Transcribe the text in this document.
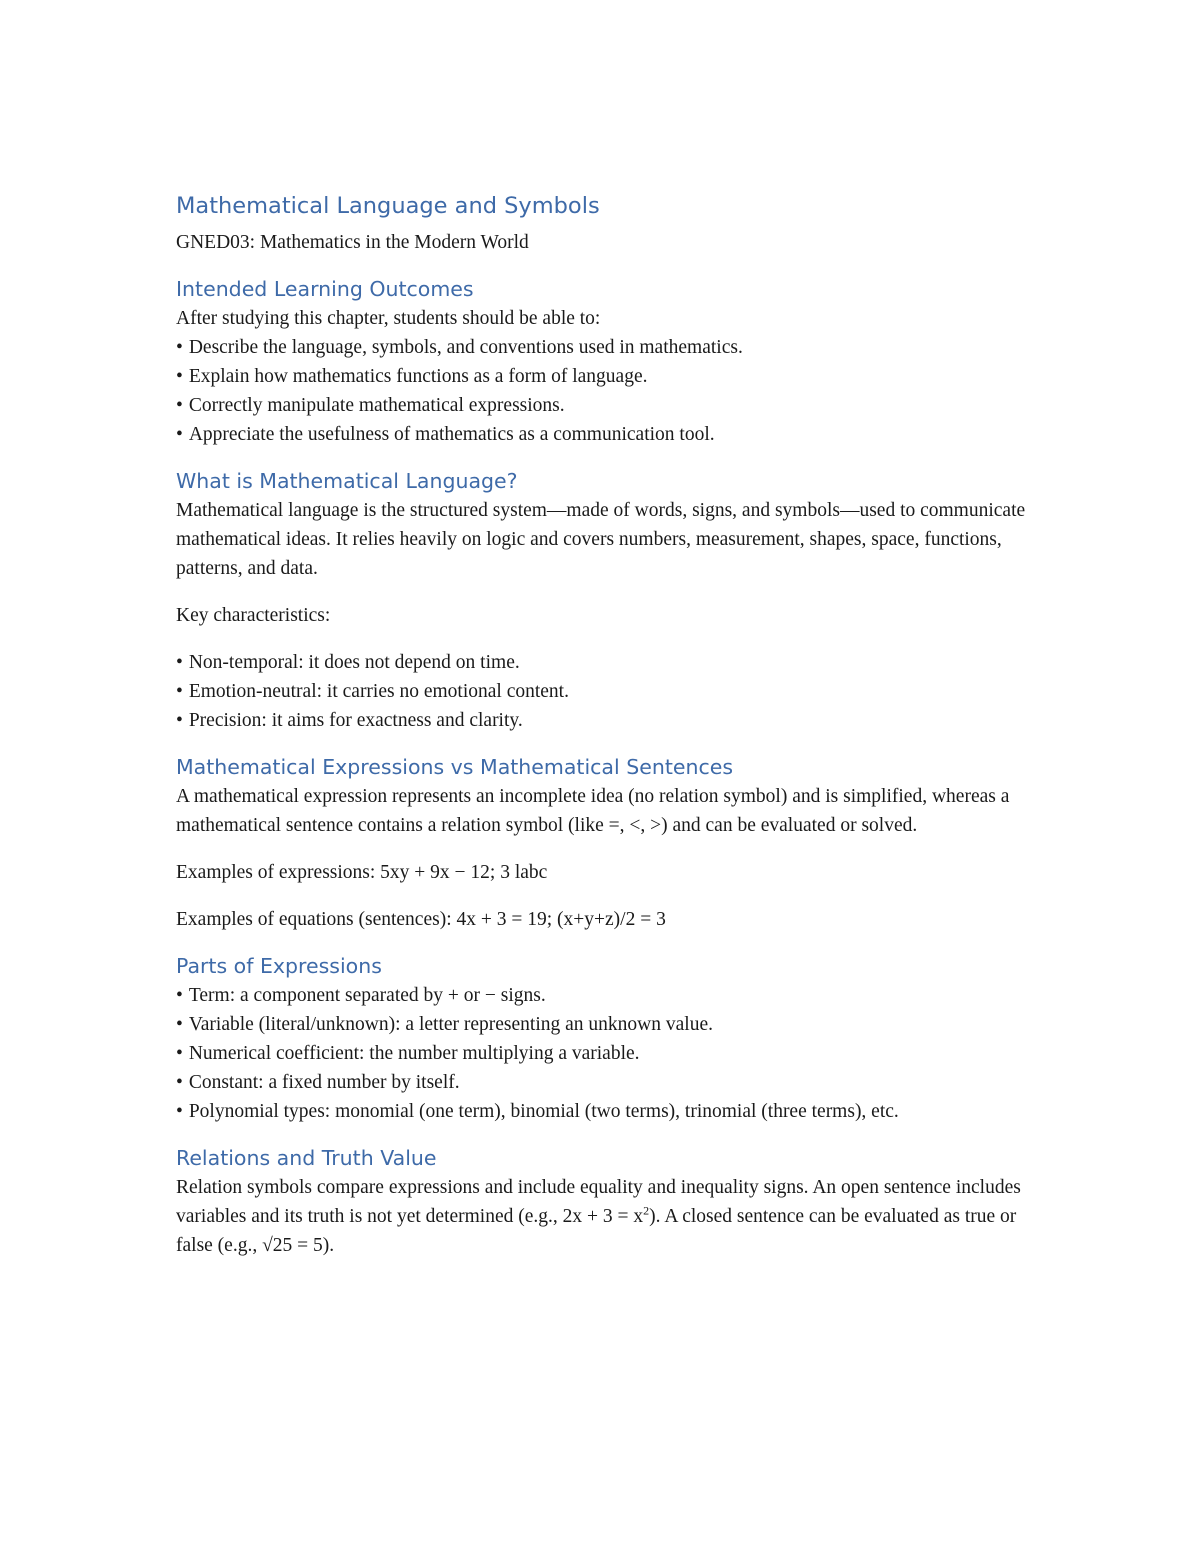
Mathematical Language and Symbols

GNED03: Mathematics in the Modern World

Intended Learning Outcomes

After studying this chapter, students should be able to:

• Describe the language, symbols, and conventions used in mathematics.
• Explain how mathematics functions as a form of language.
• Correctly manipulate mathematical expressions.
• Appreciate the usefulness of mathematics as a communication tool.
What is Mathematical Language?

Mathematical language is the structured system—made of words, signs, and symbols—used to communicate mathematical ideas. It relies heavily on logic and covers numbers, measurement, shapes, space, functions, patterns, and data.

Key characteristics:

• Non-temporal: it does not depend on time.
• Emotion-neutral: it carries no emotional content.
• Precision: it aims for exactness and clarity.
Mathematical Expressions vs Mathematical Sentences

A mathematical expression represents an incomplete idea (no relation symbol) and is simplified, whereas a mathematical sentence contains a relation symbol (like =, <, >) and can be evaluated or solved.

Examples of expressions: 5xy + 9x − 12; 3 labc

Examples of equations (sentences): 4x + 3 = 19; (x+y+z)/2 = 3

Parts of Expressions
• Term: a component separated by + or − signs.
• Variable (literal/unknown): a letter representing an unknown value.
• Numerical coefficient: the number multiplying a variable.
• Constant: a fixed number by itself.
• Polynomial types: monomial (one term), binomial (two terms), trinomial (three terms), etc.
Relations and Truth Value

Relation symbols compare expressions and include equality and inequality signs. An open sentence includes variables and its truth is not yet determined (e.g., $2x + 3 = x^2$). A closed sentence can be evaluated as true or false (e.g., √25 = 5).
